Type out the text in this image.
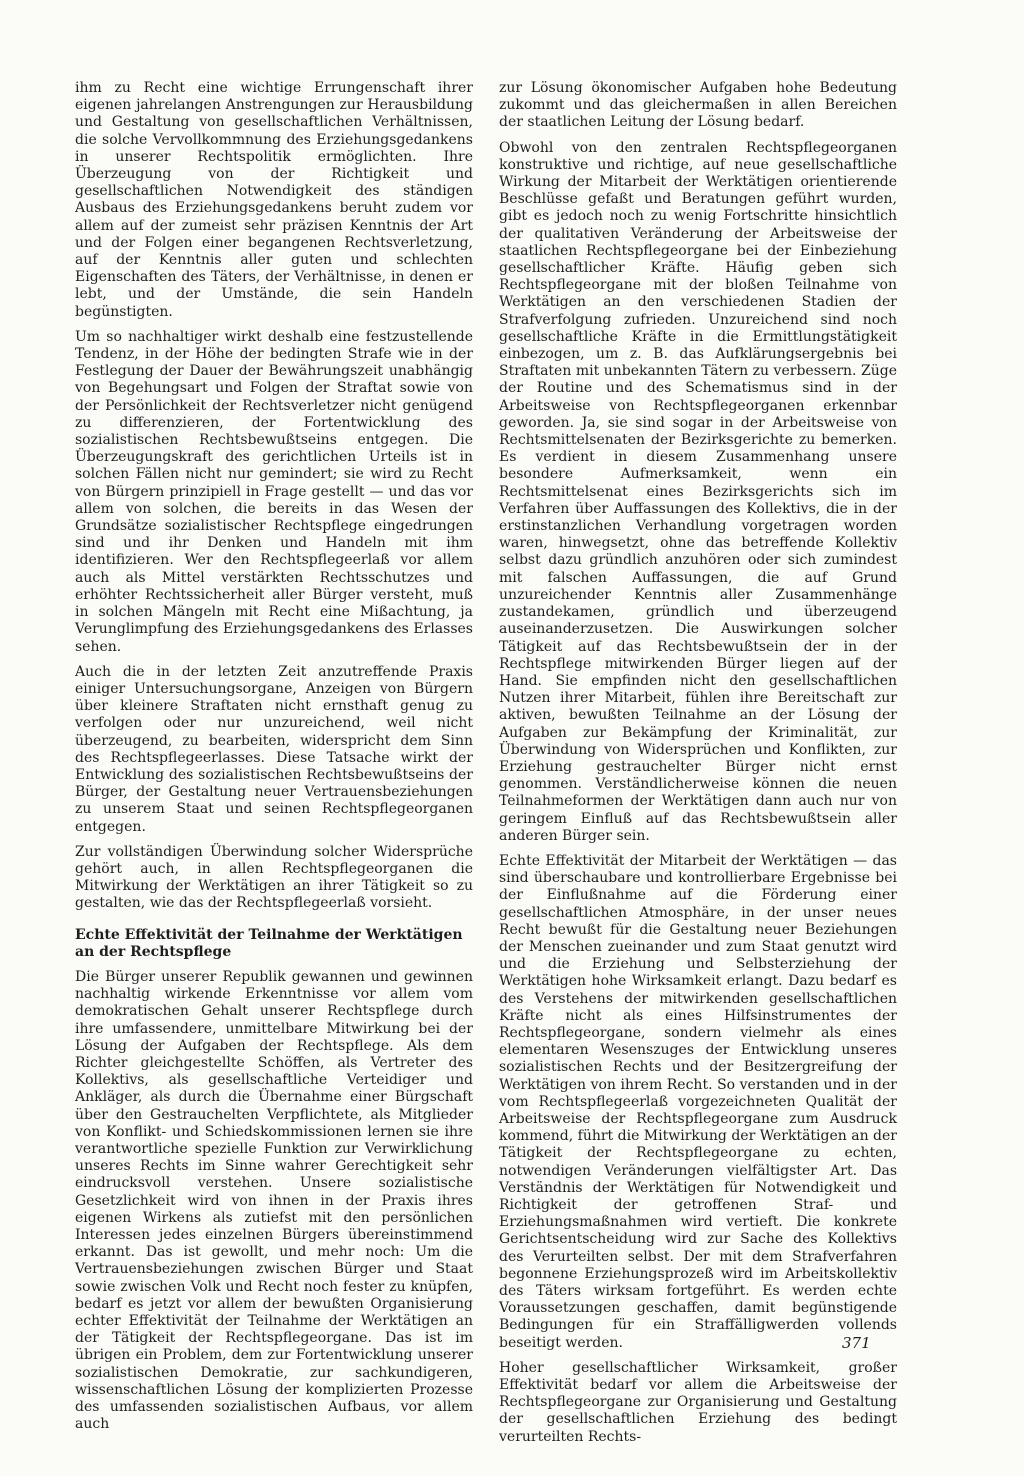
ihm zu Recht eine wichtige Errungenschaft ihrer eigenen jahrelangen Anstrengungen zur Herausbildung und Gestaltung von gesellschaftlichen Verhältnissen, die solche Vervollkommnung des Erziehungsgedankens in unserer Rechtspolitik ermöglichten. Ihre Überzeugung von der Richtigkeit und gesellschaftlichen Notwendigkeit des ständigen Ausbaus des Erziehungsgedankens beruht zudem vor allem auf der zumeist sehr präzisen Kenntnis der Art und der Folgen einer begangenen Rechtsverletzung, auf der Kenntnis aller guten und schlechten Eigenschaften des Täters, der Verhältnisse, in denen er lebt, und der Umstände, die sein Handeln begünstigten.

Um so nachhaltiger wirkt deshalb eine festzustellende Tendenz, in der Höhe der bedingten Strafe wie in der Festlegung der Dauer der Bewährungszeit unabhängig von Begehungsart und Folgen der Straftat sowie von der Persönlichkeit der Rechtsverletzer nicht genügend zu differenzieren, der Fortentwicklung des sozialistischen Rechtsbewußtseins entgegen. Die Überzeugungskraft des gerichtlichen Urteils ist in solchen Fällen nicht nur gemindert; sie wird zu Recht von Bürgern prinzipiell in Frage gestellt — und das vor allem von solchen, die bereits in das Wesen der Grundsätze sozialistischer Rechtspflege eingedrungen sind und ihr Denken und Handeln mit ihm identifizieren. Wer den Rechtspflegeerlaß vor allem auch als Mittel verstärkten Rechtsschutzes und erhöhter Rechtssicherheit aller Bürger versteht, muß in solchen Mängeln mit Recht eine Mißachtung, ja Verunglimpfung des Erziehungsgedankens des Erlasses sehen.

Auch die in der letzten Zeit anzutreffende Praxis einiger Untersuchungsorgane, Anzeigen von Bürgern über kleinere Straftaten nicht ernsthaft genug zu verfolgen oder nur unzureichend, weil nicht überzeugend, zu bearbeiten, widerspricht dem Sinn des Rechtspflegeerlasses. Diese Tatsache wirkt der Entwicklung des sozialistischen Rechtsbewußtseins der Bürger, der Gestaltung neuer Vertrauensbeziehungen zu unserem Staat und seinen Rechtspflegeorganen entgegen.

Zur vollständigen Überwindung solcher Widersprüche gehört auch, in allen Rechtspflegeorganen die Mitwirkung der Werktätigen an ihrer Tätigkeit so zu gestalten, wie das der Rechtspflegeerlaß vorsieht.

Echte Effektivität der Teilnahme der Werktätigen an der Rechtspflege

Die Bürger unserer Republik gewannen und gewinnen nachhaltig wirkende Erkenntnisse vor allem vom demokratischen Gehalt unserer Rechtspflege durch ihre umfassendere, unmittelbare Mitwirkung bei der Lösung der Aufgaben der Rechtspflege. Als dem Richter gleichgestellte Schöffen, als Vertreter des Kollektivs, als gesellschaftliche Verteidiger und Ankläger, als durch die Übernahme einer Bürgschaft über den Gestrauchelten Verpflichtete, als Mitglieder von Konflikt- und Schiedskommissionen lernen sie ihre verantwortliche spezielle Funktion zur Verwirklichung unseres Rechts im Sinne wahrer Gerechtigkeit sehr eindrucksvoll verstehen. Unsere sozialistische Gesetzlichkeit wird von ihnen in der Praxis ihres eigenen Wirkens als zutiefst mit den persönlichen Interessen jedes einzelnen Bürgers übereinstimmend erkannt. Das ist gewollt, und mehr noch: Um die Vertrauensbeziehungen zwischen Bürger und Staat sowie zwischen Volk und Recht noch fester zu knüpfen, bedarf es jetzt vor allem der bewußten Organisierung echter Effektivität der Teilnahme der Werktätigen an der Tätigkeit der Rechtspflegeorgane. Das ist im übrigen ein Problem, dem zur Fortentwicklung unserer sozialistischen Demokratie, zur sachkundigeren, wissenschaftlichen Lösung der komplizierten Prozesse des umfassenden sozialistischen Aufbaus, vor allem auch

zur Lösung ökonomischer Aufgaben hohe Bedeutung zukommt und das gleichermaßen in allen Bereichen der staatlichen Leitung der Lösung bedarf.

Obwohl von den zentralen Rechtspflegeorganen konstruktive und richtige, auf neue gesellschaftliche Wirkung der Mitarbeit der Werktätigen orientierende Beschlüsse gefaßt und Beratungen geführt wurden, gibt es jedoch noch zu wenig Fortschritte hinsichtlich der qualitativen Veränderung der Arbeitsweise der staatlichen Rechtspflegeorgane bei der Einbeziehung gesellschaftlicher Kräfte. Häufig geben sich Rechtspflegeorgane mit der bloßen Teilnahme von Werktätigen an den verschiedenen Stadien der Strafverfolgung zufrieden. Unzureichend sind noch gesellschaftliche Kräfte in die Ermittlungstätigkeit einbezogen, um z. B. das Aufklärungsergebnis bei Straftaten mit unbekannten Tätern zu verbessern. Züge der Routine und des Schematismus sind in der Arbeitsweise von Rechtspflegeorganen erkennbar geworden. Ja, sie sind sogar in der Arbeitsweise von Rechtsmittelsenaten der Bezirksgerichte zu bemerken. Es verdient in diesem Zusammenhang unsere besondere Aufmerksamkeit, wenn ein Rechtsmittelsenat eines Bezirksgerichts sich im Verfahren über Auffassungen des Kollektivs, die in der erstinstanzlichen Verhandlung vorgetragen worden waren, hinwegsetzt, ohne das betreffende Kollektiv selbst dazu gründlich anzuhören oder sich zumindest mit falschen Auffassungen, die auf Grund unzureichender Kenntnis aller Zusammenhänge zustandekamen, gründlich und überzeugend auseinanderzusetzen. Die Auswirkungen solcher Tätigkeit auf das Rechtsbewußtsein der in der Rechtspflege mitwirkenden Bürger liegen auf der Hand. Sie empfinden nicht den gesellschaftlichen Nutzen ihrer Mitarbeit, fühlen ihre Bereitschaft zur aktiven, bewußten Teilnahme an der Lösung der Aufgaben zur Bekämpfung der Kriminalität, zur Überwindung von Widersprüchen und Konflikten, zur Erziehung gestrauchelter Bürger nicht ernst genommen. Verständlicherweise können die neuen Teilnahmeformen der Werktätigen dann auch nur von geringem Einfluß auf das Rechtsbewußtsein aller anderen Bürger sein.

Echte Effektivität der Mitarbeit der Werktätigen — das sind überschaubare und kontrollierbare Ergebnisse bei der Einflußnahme auf die Förderung einer gesellschaftlichen Atmosphäre, in der unser neues Recht bewußt für die Gestaltung neuer Beziehungen der Menschen zueinander und zum Staat genutzt wird und die Erziehung und Selbsterziehung der Werktätigen hohe Wirksamkeit erlangt. Dazu bedarf es des Verstehens der mitwirkenden gesellschaftlichen Kräfte nicht als eines Hilfsinstrumentes der Rechtspflegeorgane, sondern vielmehr als eines elementaren Wesenszuges der Entwicklung unseres sozialistischen Rechts und der Besitzergreifung der Werktätigen von ihrem Recht. So verstanden und in der vom Rechtspflegeerlaß vorgezeichneten Qualität der Arbeitsweise der Rechtspflegeorgane zum Ausdruck kommend, führt die Mitwirkung der Werktätigen an der Tätigkeit der Rechtspflegeorgane zu echten, notwendigen Veränderungen vielfältigster Art. Das Verständnis der Werktätigen für Notwendigkeit und Richtigkeit der getroffenen Straf- und Erziehungsmaßnahmen wird vertieft. Die konkrete Gerichtsentscheidung wird zur Sache des Kollektivs des Verurteilten selbst. Der mit dem Strafverfahren begonnene Erziehungsprozeß wird im Arbeitskollektiv des Täters wirksam fortgeführt. Es werden echte Voraussetzungen geschaffen, damit begünstigende Bedingungen für ein Straffälligwerden vollends beseitigt werden.

Hoher gesellschaftlicher Wirksamkeit, großer Effektivität bedarf vor allem die Arbeitsweise der Rechtspflegeorgane zur Organisierung und Gestaltung der gesellschaftlichen Erziehung des bedingt verurteilten Rechts-

371
